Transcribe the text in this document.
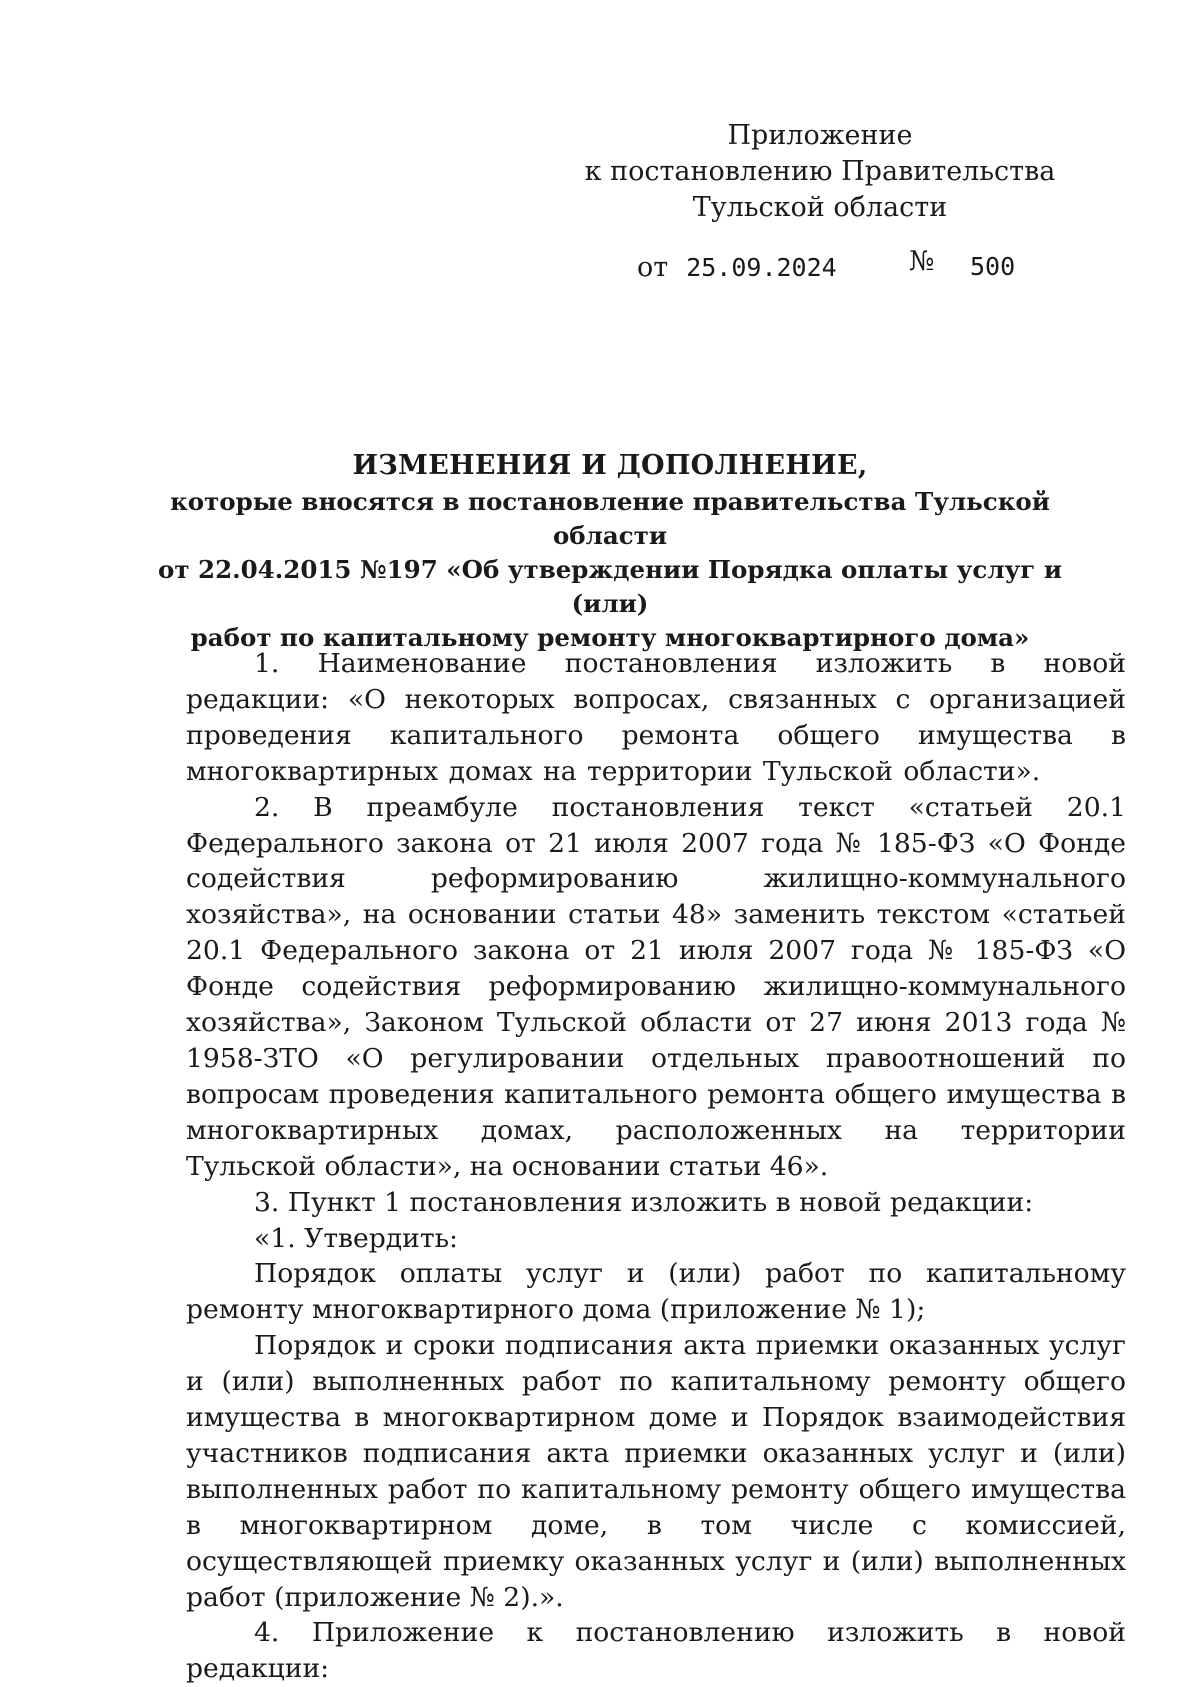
Приложение
к постановлению Правительства
Тульской области
от 25.09.2024	№ 500
ИЗМЕНЕНИЯ И ДОПОЛНЕНИЕ,
которые вносятся в постановление правительства Тульской области
от 22.04.2015 №197 «Об утверждении Порядка оплаты услуг и (или)
работ по капитальному ремонту многоквартирного дома»

1. Наименование постановления изложить в новой редакции: «О некоторых вопросах, связанных с организацией проведения капитального ремонта общего имущества в многоквартирных домах на территории Тульской области».

2. В преамбуле постановления текст «статьей 20.1 Федерального закона от 21 июля 2007 года № 185-ФЗ «О Фонде содействия реформированию жилищно-коммунального хозяйства», на основании статьи 48» заменить текстом «статьей 20.1 Федерального закона от 21 июля 2007 года № 185-ФЗ «О Фонде содействия реформированию жилищно-коммунального хозяйства», Законом Тульской области от 27 июня 2013 года № 1958-ЗТО «О регулировании отдельных правоотношений по вопросам проведения капитального ремонта общего имущества в многоквартирных домах, расположенных на территории Тульской области», на основании статьи 46».

3. Пункт 1 постановления изложить в новой редакции:

«1. Утвердить:

Порядок оплаты услуг и (или) работ по капитальному ремонту многоквартирного дома (приложение № 1);

Порядок и сроки подписания акта приемки оказанных услуг и (или) выполненных работ по капитальному ремонту общего имущества в многоквартирном доме и Порядок взаимодействия участников подписания акта приемки оказанных услуг и (или) выполненных работ по капитальному ремонту общего имущества в многоквартирном доме, в том числе с комиссией, осуществляющей приемку оказанных услуг и (или) выполненных работ (приложение № 2).».

4. Приложение к постановлению изложить в новой редакции:
